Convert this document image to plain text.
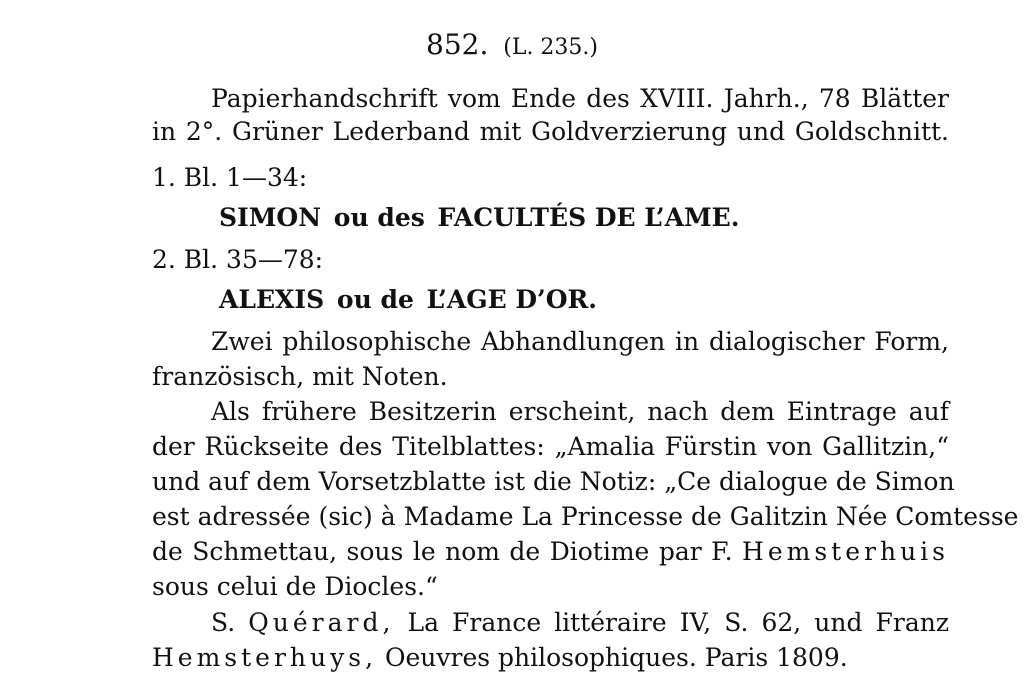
852. (L. 235.)
Papierhandschrift vom Ende des XVIII. Jahrh., 78 Blätter
in 2°. Grüner Lederband mit Goldverzierung und Goldschnitt.
1. Bl. 1—34:
SIMON ou des FACULTÉS DE L’AME.
2. Bl. 35—78:
ALEXIS ou de L’AGE D’OR.
Zwei philosophische Abhandlungen in dialogischer Form,
französisch, mit Noten.
Als frühere Besitzerin erscheint, nach dem Eintrage auf
der Rückseite des Titelblattes: „Amalia Fürstin von Gallitzin,“
und auf dem Vorsetzblatte ist die Notiz: „Ce dialogue de Simon
est adressée (sic) à Madame La Princesse de Galitzin Née Comtesse
de Schmettau, sous le nom de Diotime par F. Hemsterhuis
sous celui de Diocles.“
S. Quérard, La France littéraire IV, S. 62, und Franz
Hemsterhuys, Oeuvres philosophiques. Paris 1809.
